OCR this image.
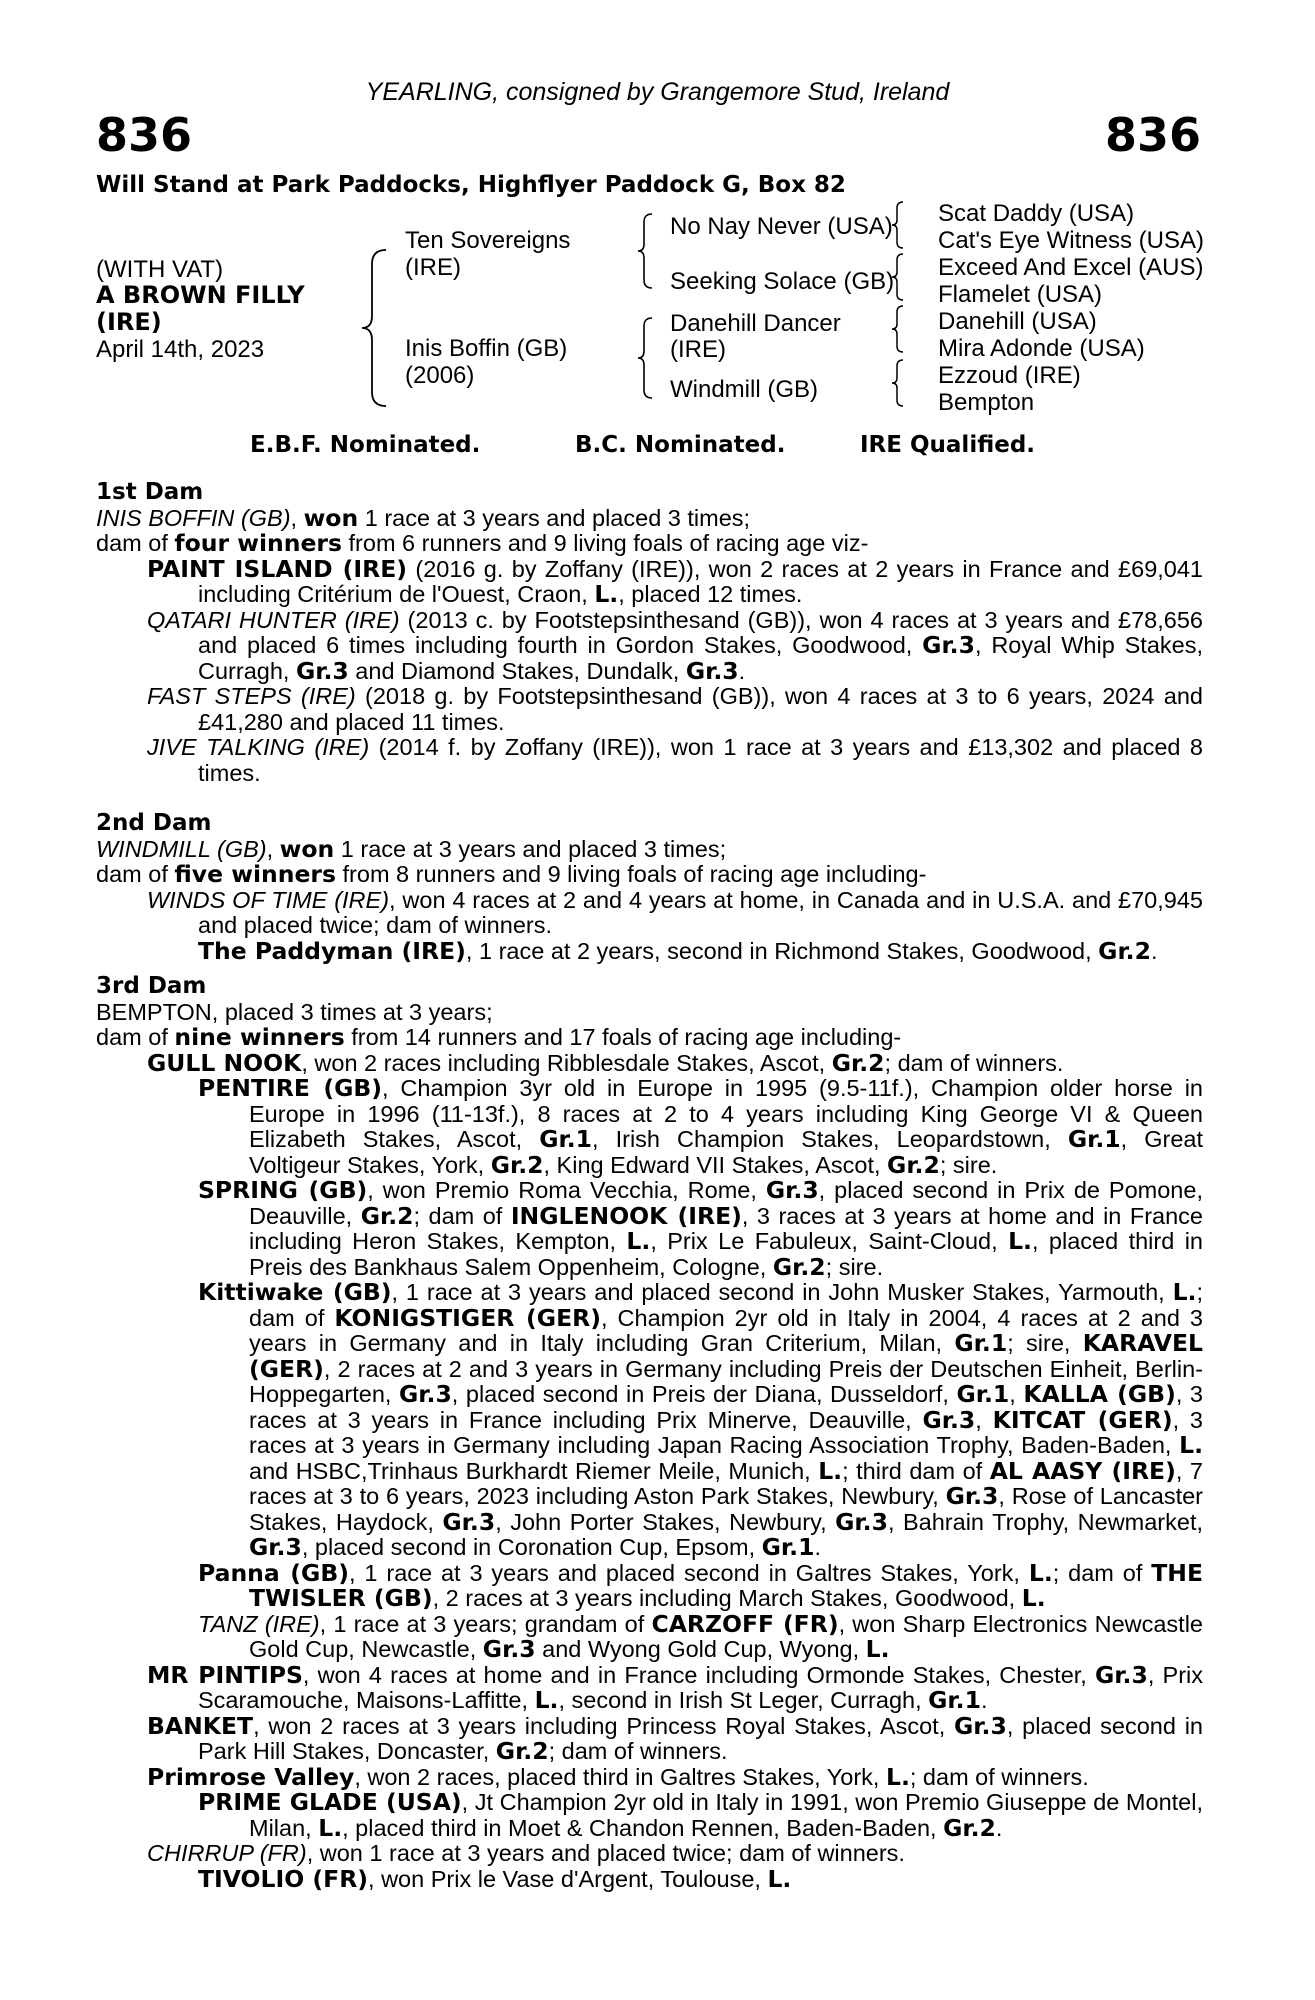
YEARLING, consigned by Grangemore Stud, Ireland
836	836
Will Stand at Park Paddocks, Highflyer Paddock G, Box 82
(WITH VAT)
A BROWN FILLY
(IRE)
April 14th, 2023
Ten Sovereigns
(IRE)
Inis Boffin (GB)
(2006)
No Nay Never (USA)
Seeking Solace (GB)
Danehill Dancer
(IRE)
Windmill (GB)
Scat Daddy (USA)
Cat's Eye Witness (USA)
Exceed And Excel (AUS)
Flamelet (USA)
Danehill (USA)
Mira Adonde (USA)
Ezzoud (IRE)
Bempton
E.B.F. Nominated.	B.C. Nominated.	IRE Qualified.
1st Dam

INIS BOFFIN (GB), won 1 race at 3 years and placed 3 times;

dam of four winners from 6 runners and 9 living foals of racing age viz-

PAINT ISLAND (IRE) (2016 g. by Zoffany (IRE)), won 2 races at 2 years in France and £69,041 including Critérium de l'Ouest, Craon, L., placed 12 times.

QATARI HUNTER (IRE) (2013 c. by Footstepsinthesand (GB)), won 4 races at 3 years and £78,656 and placed 6 times including fourth in Gordon Stakes, Goodwood, Gr.3, Royal Whip Stakes, Curragh, Gr.3 and Diamond Stakes, Dundalk, Gr.3.

FAST STEPS (IRE) (2018 g. by Footstepsinthesand (GB)), won 4 races at 3 to 6 years, 2024 and £41,280 and placed 11 times.

JIVE TALKING (IRE) (2014 f. by Zoffany (IRE)), won 1 race at 3 years and £13,302 and placed 8 times.

2nd Dam

WINDMILL (GB), won 1 race at 3 years and placed 3 times;

dam of five winners from 8 runners and 9 living foals of racing age including-

WINDS OF TIME (IRE), won 4 races at 2 and 4 years at home, in Canada and in U.S.A. and £70,945 and placed twice; dam of winners.

The Paddyman (IRE), 1 race at 2 years, second in Richmond Stakes, Goodwood, Gr.2.

3rd Dam

BEMPTON, placed 3 times at 3 years;

dam of nine winners from 14 runners and 17 foals of racing age including-

GULL NOOK, won 2 races including Ribblesdale Stakes, Ascot, Gr.2; dam of winners.

PENTIRE (GB), Champion 3yr old in Europe in 1995 (9.5-11f.), Champion older horse in Europe in 1996 (11-13f.), 8 races at 2 to 4 years including King George VI & Queen Elizabeth Stakes, Ascot, Gr.1, Irish Champion Stakes, Leopardstown, Gr.1, Great Voltigeur Stakes, York, Gr.2, King Edward VII Stakes, Ascot, Gr.2; sire.

SPRING (GB), won Premio Roma Vecchia, Rome, Gr.3, placed second in Prix de Pomone, Deauville, Gr.2; dam of INGLENOOK (IRE), 3 races at 3 years at home and in France including Heron Stakes, Kempton, L., Prix Le Fabuleux, Saint-Cloud, L., placed third in Preis des Bankhaus Salem Oppenheim, Cologne, Gr.2; sire.

Kittiwake (GB), 1 race at 3 years and placed second in John Musker Stakes, Yarmouth, L.; dam of KONIGSTIGER (GER), Champion 2yr old in Italy in 2004, 4 races at 2 and 3 years in Germany and in Italy including Gran Criterium, Milan, Gr.1; sire, KARAVEL (GER), 2 races at 2 and 3 years in Germany including Preis der Deutschen Einheit, Berlin-Hoppegarten, Gr.3, placed second in Preis der Diana, Dusseldorf, Gr.1, KALLA (GB), 3 races at 3 years in France including Prix Minerve, Deauville, Gr.3, KITCAT (GER), 3 races at 3 years in Germany including Japan Racing Association Trophy, Baden-Baden, L. and HSBC,Trinhaus Burkhardt Riemer Meile, Munich, L.; third dam of AL AASY (IRE), 7 races at 3 to 6 years, 2023 including Aston Park Stakes, Newbury, Gr.3, Rose of Lancaster Stakes, Haydock, Gr.3, John Porter Stakes, Newbury, Gr.3, Bahrain Trophy, Newmarket, Gr.3, placed second in Coronation Cup, Epsom, Gr.1.

Panna (GB), 1 race at 3 years and placed second in Galtres Stakes, York, L.; dam of THE TWISLER (GB), 2 races at 3 years including March Stakes, Goodwood, L.

TANZ (IRE), 1 race at 3 years; grandam of CARZOFF (FR), won Sharp Electronics Newcastle Gold Cup, Newcastle, Gr.3 and Wyong Gold Cup, Wyong, L.

MR PINTIPS, won 4 races at home and in France including Ormonde Stakes, Chester, Gr.3, Prix Scaramouche, Maisons-Laffitte, L., second in Irish St Leger, Curragh, Gr.1.

BANKET, won 2 races at 3 years including Princess Royal Stakes, Ascot, Gr.3, placed second in Park Hill Stakes, Doncaster, Gr.2; dam of winners.

Primrose Valley, won 2 races, placed third in Galtres Stakes, York, L.; dam of winners.

PRIME GLADE (USA), Jt Champion 2yr old in Italy in 1991, won Premio Giuseppe de Montel, Milan, L., placed third in Moet & Chandon Rennen, Baden-Baden, Gr.2.

CHIRRUP (FR), won 1 race at 3 years and placed twice; dam of winners.

TIVOLIO (FR), won Prix le Vase d'Argent, Toulouse, L.
